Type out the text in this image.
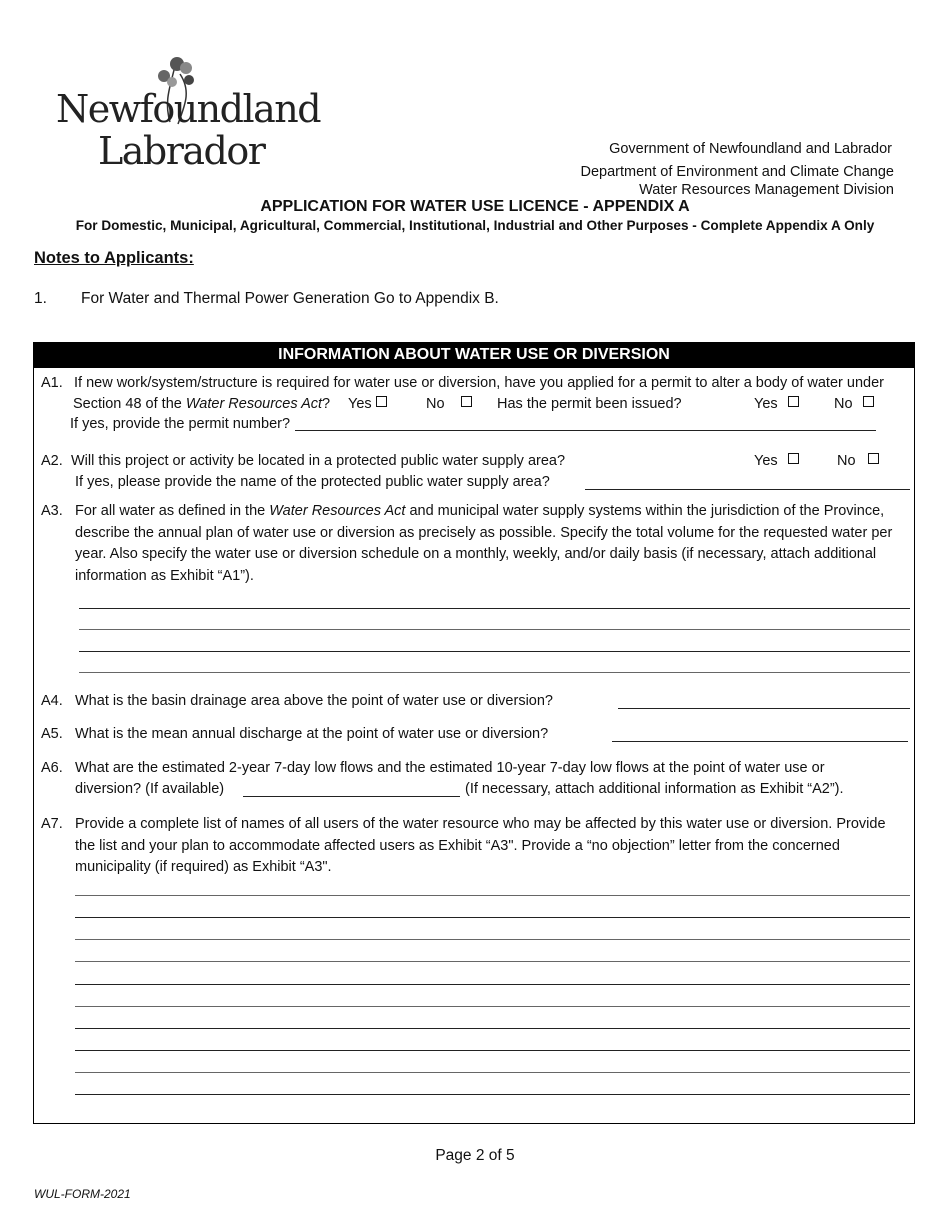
Newfoundland
Labrador	Government of Newfoundland and Labrador
Department of Environment and Climate Change
Water Resources Management Division
APPLICATION FOR WATER USE LICENCE - APPENDIX A
For Domestic, Municipal, Agricultural, Commercial, Institutional, Industrial and Other Purposes - Complete Appendix A Only
Notes to Applicants:
1. For Water and Thermal Power Generation Go to Appendix B.
INFORMATION ABOUT WATER USE OR DIVERSION
A1. If new work/system/structure is required for water use or diversion, have you applied for a permit to alter a body of water under
Section 48 of the Water Resources Act? Yes	No	Has the permit been issued?	Yes	No
If yes, provide the permit number?
A2. Will this project or activity be located in a protected public water supply area?	Yes	No
If yes, please provide the name of the protected public water supply area?
A3. For all water as defined in the Water Resources Act and municipal water supply systems within the jurisdiction of the Province, describe the annual plan of water use or diversion as precisely as possible. Specify the total volume for the requested water per year. Also specify the water use or diversion schedule on a monthly, weekly, and/or daily basis (if necessary, attach additional information as Exhibit “A1”).
A4. What is the basin drainage area above the point of water use or diversion?
A5. What is the mean annual discharge at the point of water use or diversion?
A6. What are the estimated 2-year 7-day low flows and the estimated 10-year 7-day low flows at the point of water use or
diversion? (If available)	(If necessary, attach additional information as Exhibit “A2”).
A7. Provide a complete list of names of all users of the water resource who may be affected by this water use or diversion. Provide the list and your plan to accommodate affected users as Exhibit “A3". Provide a “no objection” letter from the concerned municipality (if required) as Exhibit “A3".
Page 2 of 5
WUL-FORM-2021
